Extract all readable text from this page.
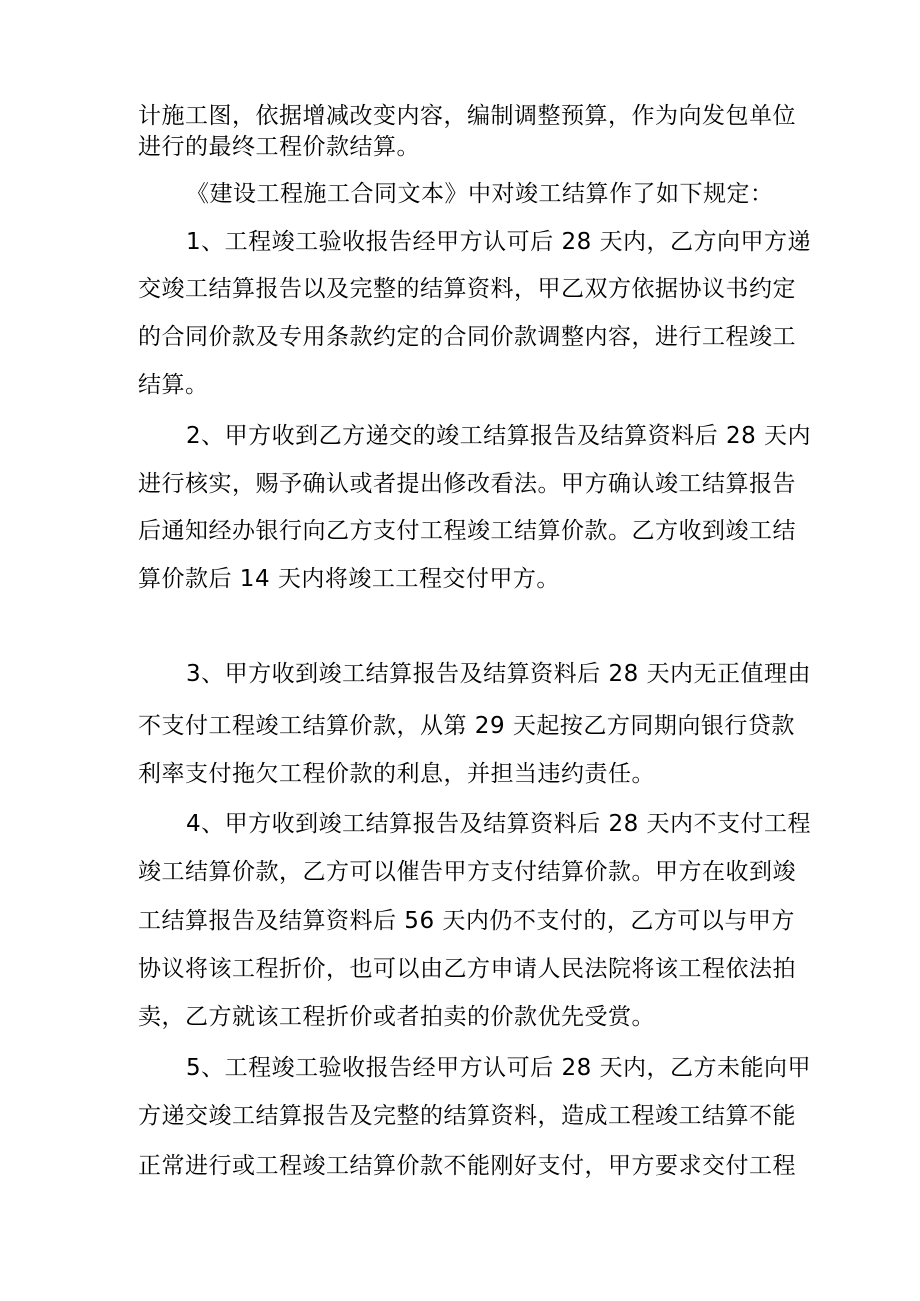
计施工图，依据增减改变内容，编制调整预算，作为向发包单位
进行的最终工程价款结算。
《建设工程施工合同文本》中对竣工结算作了如下规定：
1、工程竣工验收报告经甲方认可后 28 天内，乙方向甲方递
交竣工结算报告以及完整的结算资料，甲乙双方依据协议书约定
的合同价款及专用条款约定的合同价款调整内容，进行工程竣工
结算。
2、甲方收到乙方递交的竣工结算报告及结算资料后 28 天内
进行核实，赐予确认或者提出修改看法。甲方确认竣工结算报告
后通知经办银行向乙方支付工程竣工结算价款。乙方收到竣工结
算价款后 14 天内将竣工工程交付甲方。
3、甲方收到竣工结算报告及结算资料后 28 天内无正值理由
不支付工程竣工结算价款，从第 29 天起按乙方同期向银行贷款
利率支付拖欠工程价款的利息，并担当违约责任。
4、甲方收到竣工结算报告及结算资料后 28 天内不支付工程
竣工结算价款，乙方可以催告甲方支付结算价款。甲方在收到竣
工结算报告及结算资料后 56 天内仍不支付的，乙方可以与甲方
协议将该工程折价，也可以由乙方申请人民法院将该工程依法拍
卖，乙方就该工程折价或者拍卖的价款优先受赏。
5、工程竣工验收报告经甲方认可后 28 天内，乙方未能向甲
方递交竣工结算报告及完整的结算资料，造成工程竣工结算不能
正常进行或工程竣工结算价款不能刚好支付，甲方要求交付工程
